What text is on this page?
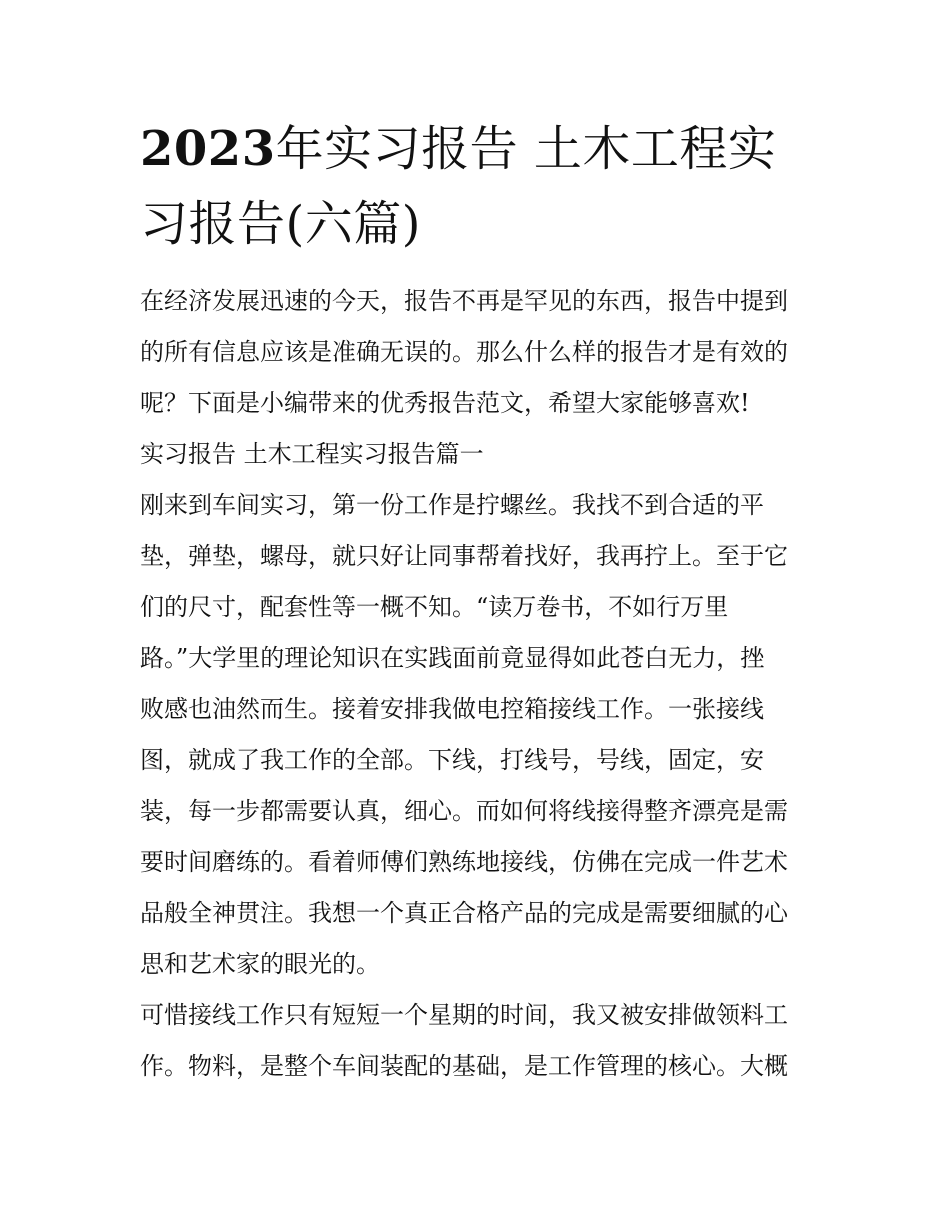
2023年实习报告 土木工程实
习报告(六篇)

在经济发展迅速的今天，报告不再是罕见的东西，报告中提到
的所有信息应该是准确无误的。那么什么样的报告才是有效的
呢？下面是小编带来的优秀报告范文，希望大家能够喜欢!

实习报告 土木工程实习报告篇一

刚来到车间实习，第一份工作是拧螺丝。我找不到合适的平
垫，弹垫，螺母，就只好让同事帮着找好，我再拧上。至于它
们的尺寸，配套性等一概不知。“读万卷书，不如行万里
路。”大学里的理论知识在实践面前竟显得如此苍白无力，挫
败感也油然而生。接着安排我做电控箱接线工作。一张接线
图，就成了我工作的全部。下线，打线号，号线，固定，安
装，每一步都需要认真，细心。而如何将线接得整齐漂亮是需
要时间磨练的。看着师傅们熟练地接线，仿佛在完成一件艺术
品般全神贯注。我想一个真正合格产品的完成是需要细腻的心
思和艺术家的眼光的。

可惜接线工作只有短短一个星期的时间，我又被安排做领料工
作。物料，是整个车间装配的基础，是工作管理的核心。大概
